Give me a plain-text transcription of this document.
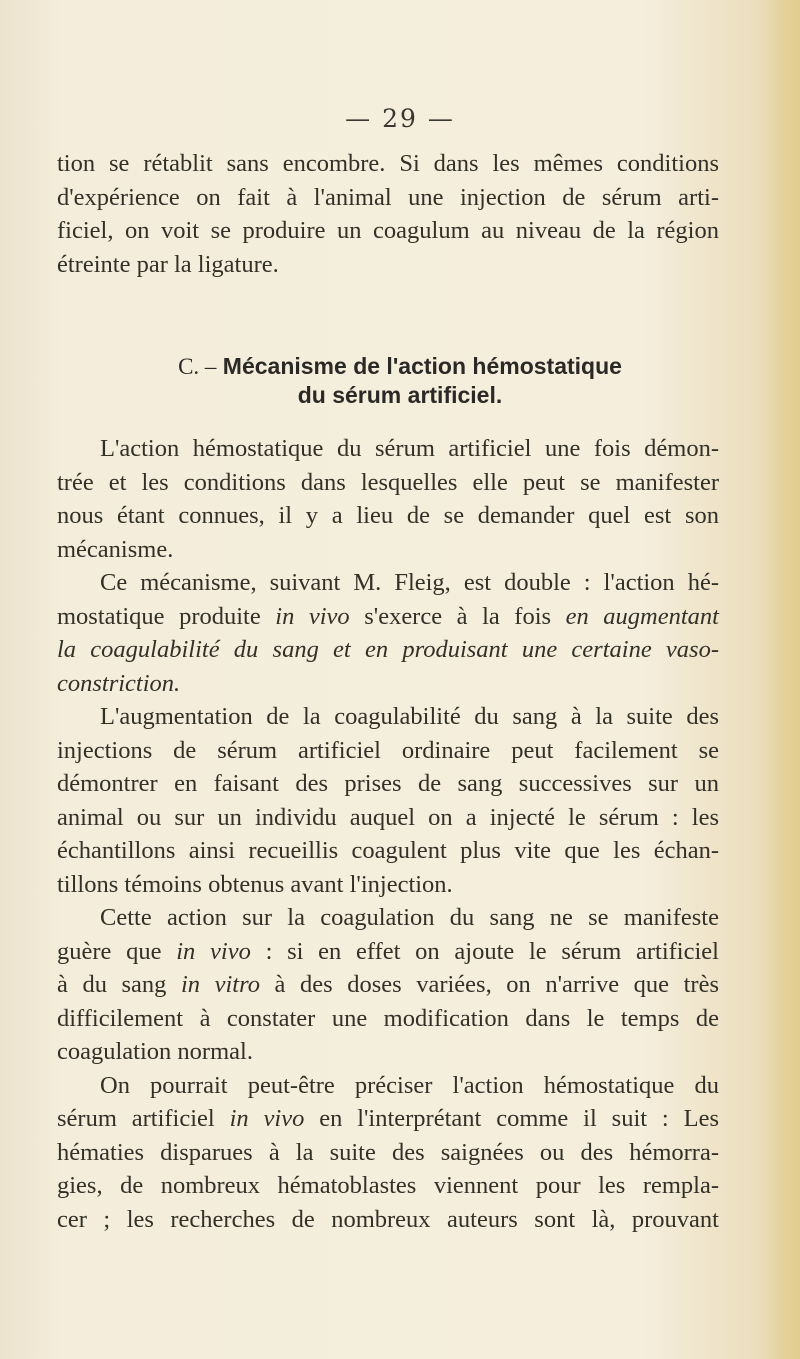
— 29 —
tion se rétablit sans encombre. Si dans les mêmes conditions
d'expérience on fait à l'animal une injection de sérum arti-
ficiel, on voit se produire un coagulum au niveau de la région
étreinte par la ligature.
C. – Mécanisme de l'action hémostatique
du sérum artificiel.
L'action hémostatique du sérum artificiel une fois démon-
trée et les conditions dans lesquelles elle peut se manifester
nous étant connues, il y a lieu de se demander quel est son
mécanisme.
Ce mécanisme, suivant M. Fleig, est double : l'action hé-
mostatique produite in vivo s'exerce à la fois en augmentant
la coagulabilité du sang et en produisant une certaine vaso-
constriction.
L'augmentation de la coagulabilité du sang à la suite des
injections de sérum artificiel ordinaire peut facilement se
démontrer en faisant des prises de sang successives sur un
animal ou sur un individu auquel on a injecté le sérum : les
échantillons ainsi recueillis coagulent plus vite que les échan-
tillons témoins obtenus avant l'injection.
Cette action sur la coagulation du sang ne se manifeste
guère que in vivo : si en effet on ajoute le sérum artificiel
à du sang in vitro à des doses variées, on n'arrive que très
difficilement à constater une modification dans le temps de
coagulation normal.
On pourrait peut-être préciser l'action hémostatique du
sérum artificiel in vivo en l'interprétant comme il suit : Les
hématies disparues à la suite des saignées ou des hémorra-
gies, de nombreux hématoblastes viennent pour les rempla-
cer ; les recherches de nombreux auteurs sont là, prouvant
